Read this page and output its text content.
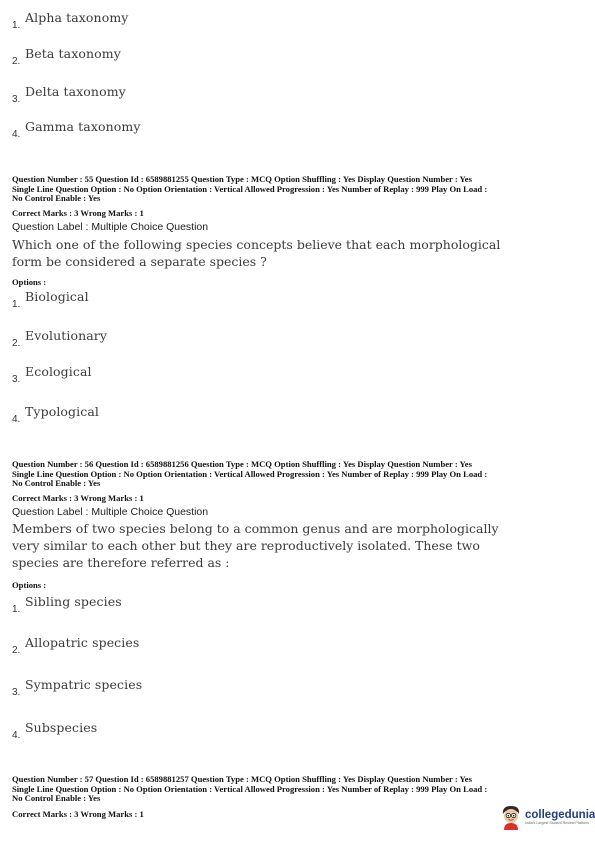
1.
Alpha taxonomy
2.
Beta taxonomy
3.
Delta taxonomy
4.
Gamma taxonomy
Question Number : 55 Question Id : 6589881255 Question Type : MCQ Option Shuffling : Yes Display Question Number : Yes
Single Line Question Option : No Option Orientation : Vertical Allowed Progression : Yes Number of Replay : 999 Play On Load :
No Control Enable : Yes
Correct Marks : 3 Wrong Marks : 1
Question Label : Multiple Choice Question
Which one of the following species concepts believe that each morphological
form be considered a separate species ?
Options :
1.
Biological
2.
Evolutionary
3.
Ecological
4.
Typological
Question Number : 56 Question Id : 6589881256 Question Type : MCQ Option Shuffling : Yes Display Question Number : Yes
Single Line Question Option : No Option Orientation : Vertical Allowed Progression : Yes Number of Replay : 999 Play On Load :
No Control Enable : Yes
Correct Marks : 3 Wrong Marks : 1
Question Label : Multiple Choice Question
Members of two species belong to a common genus and are morphologically
very similar to each other but they are reproductively isolated. These two
species are therefore referred as :
Options :
1.
Sibling species
2.
Allopatric species
3.
Sympatric species
4.
Subspecies
Question Number : 57 Question Id : 6589881257 Question Type : MCQ Option Shuffling : Yes Display Question Number : Yes
Single Line Question Option : No Option Orientation : Vertical Allowed Progression : Yes Number of Replay : 999 Play On Load :
No Control Enable : Yes
Correct Marks : 3 Wrong Marks : 1	collegedunia
India's Largest Student Review Platform
